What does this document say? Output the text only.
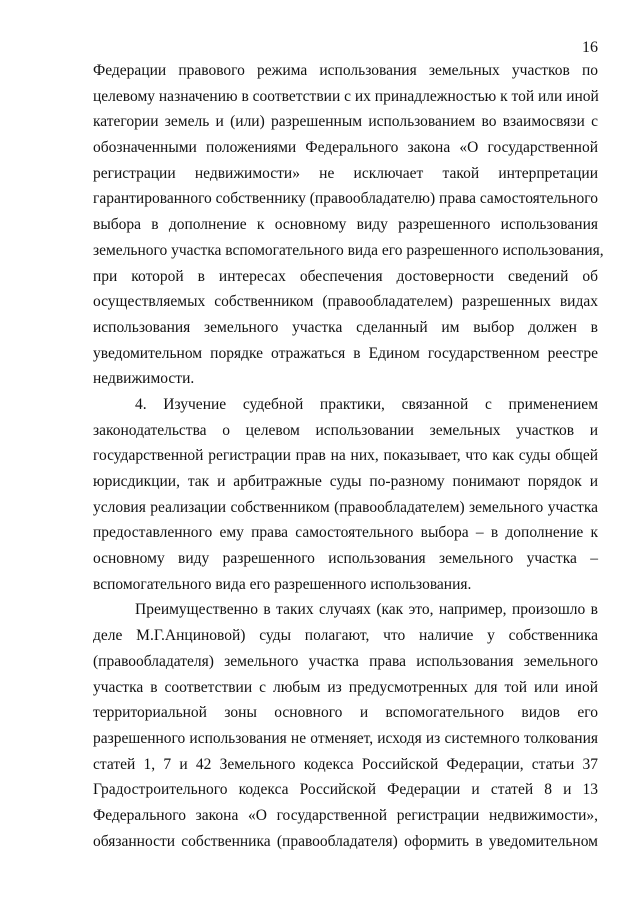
16
Федерации правового режима использования земельных участков по
целевому назначению в соответствии с их принадлежностью к той или иной
категории земель и (или) разрешенным использованием во взаимосвязи с
обозначенными положениями Федерального закона «О государственной
регистрации недвижимости» не исключает такой интерпретации
гарантированного собственнику (правообладателю) права самостоятельного
выбора в дополнение к основному виду разрешенного использования
земельного участка вспомогательного вида его разрешенного использования,
при которой в интересах обеспечения достоверности сведений об
осуществляемых собственником (правообладателем) разрешенных видах
использования земельного участка сделанный им выбор должен в
уведомительном порядке отражаться в Едином государственном реестре
недвижимости.
4. Изучение судебной практики, связанной с применением
законодательства о целевом использовании земельных участков и
государственной регистрации прав на них, показывает, что как суды общей
юрисдикции, так и арбитражные суды по-разному понимают порядок и
условия реализации собственником (правообладателем) земельного участка
предоставленного ему права самостоятельного выбора – в дополнение к
основному виду разрешенного использования земельного участка –
вспомогательного вида его разрешенного использования.
Преимущественно в таких случаях (как это, например, произошло в
деле М.Г.Анциновой) суды полагают, что наличие у собственника
(правообладателя) земельного участка права использования земельного
участка в соответствии с любым из предусмотренных для той или иной
территориальной зоны основного и вспомогательного видов его
разрешенного использования не отменяет, исходя из системного толкования
статей 1, 7 и 42 Земельного кодекса Российской Федерации, статьи 37
Градостроительного кодекса Российской Федерации и статей 8 и 13
Федерального закона «О государственной регистрации недвижимости»,
обязанности собственника (правообладателя) оформить в уведомительном
